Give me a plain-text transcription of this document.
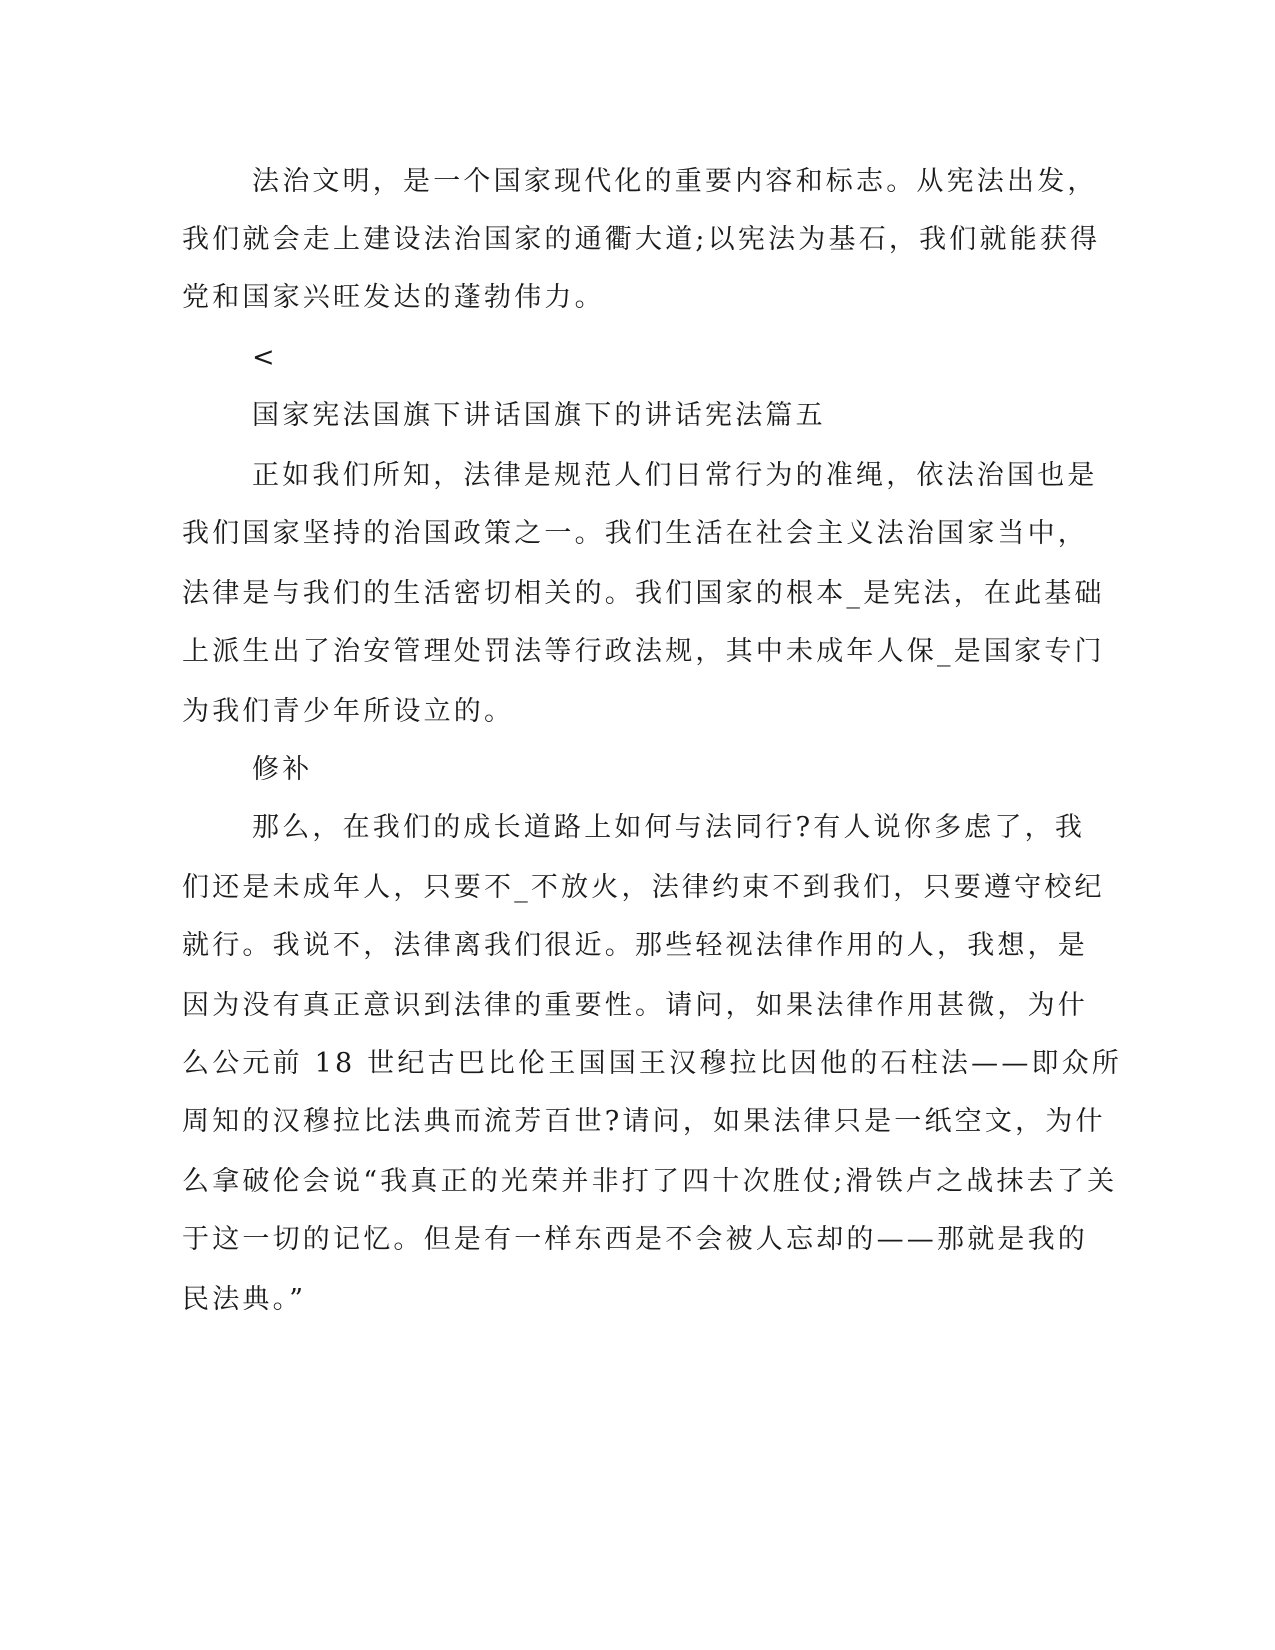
法治文明，是一个国家现代化的重要内容和标志。从宪法出发，
我们就会走上建设法治国家的通衢大道;以宪法为基石，我们就能获得
党和国家兴旺发达的蓬勃伟力。
<
国家宪法国旗下讲话国旗下的讲话宪法篇五
正如我们所知，法律是规范人们日常行为的准绳，依法治国也是
我们国家坚持的治国政策之一。我们生活在社会主义法治国家当中，
法律是与我们的生活密切相关的。我们国家的根本_是宪法，在此基础
上派生出了治安管理处罚法等行政法规，其中未成年人保_是国家专门
为我们青少年所设立的。
修补
那么，在我们的成长道路上如何与法同行?有人说你多虑了，我
们还是未成年人，只要不_不放火，法律约束不到我们，只要遵守校纪
就行。我说不，法律离我们很近。那些轻视法律作用的人，我想，是
因为没有真正意识到法律的重要性。请问，如果法律作用甚微，为什
么公元前 18 世纪古巴比伦王国国王汉穆拉比因他的石柱法——即众所
周知的汉穆拉比法典而流芳百世?请问，如果法律只是一纸空文，为什
么拿破伦会说“我真正的光荣并非打了四十次胜仗;滑铁卢之战抹去了关
于这一切的记忆。但是有一样东西是不会被人忘却的——那就是我的
民法典。”
